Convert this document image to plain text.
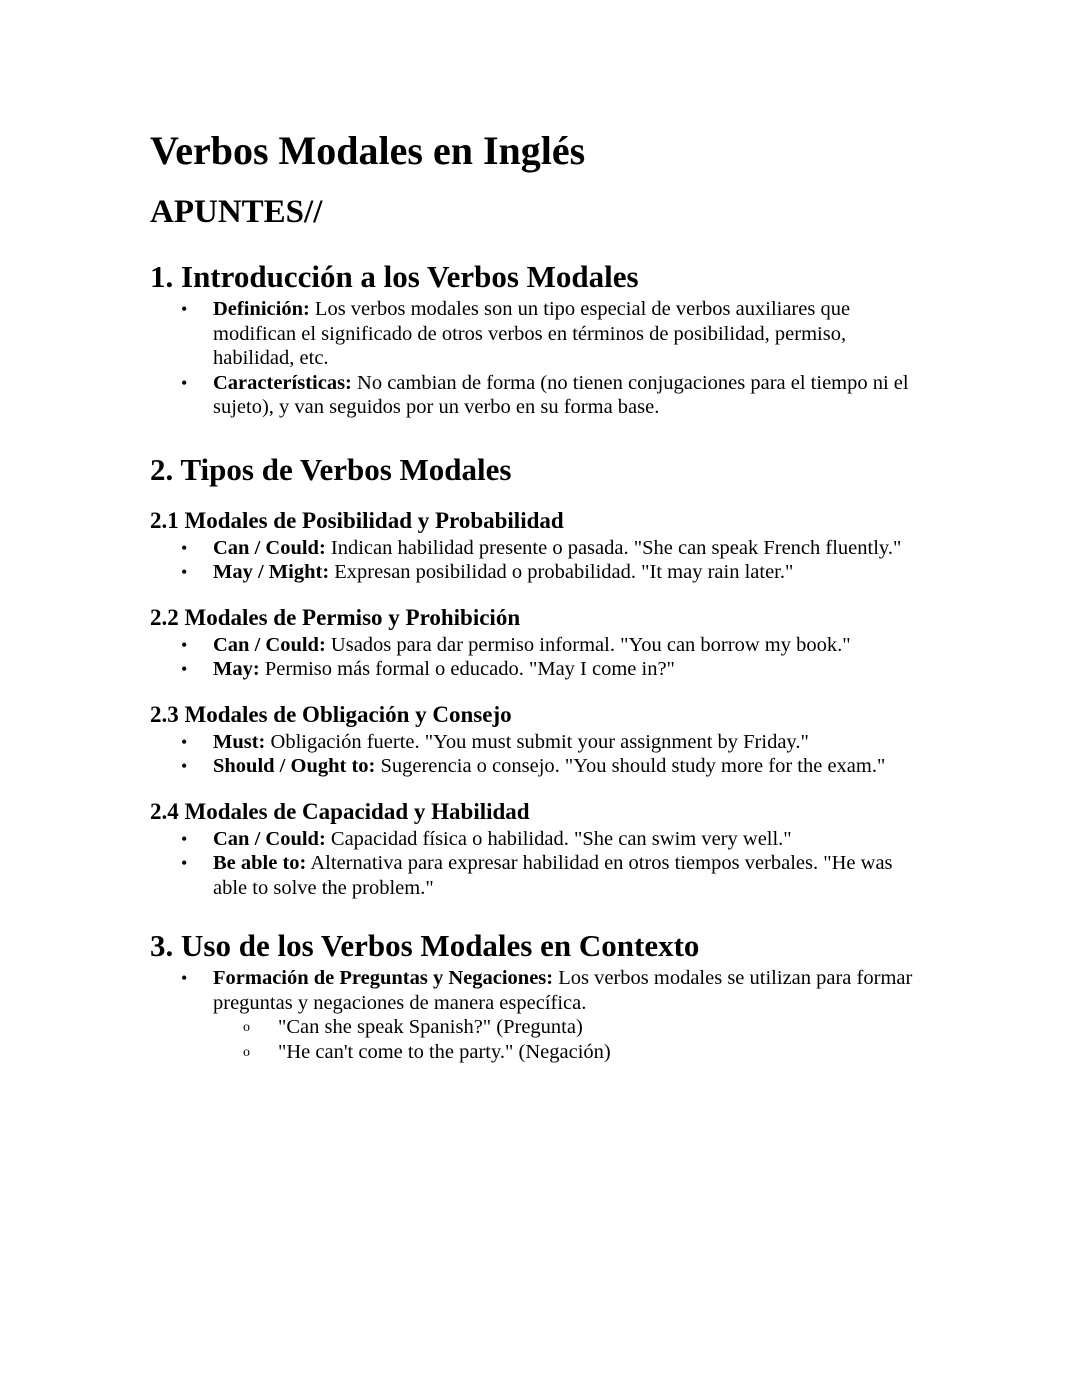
Verbos Modales en Inglés
APUNTES//
1. Introducción a los Verbos Modales
• Definición: Los verbos modales son un tipo especial de verbos auxiliares que modifican el significado de otros verbos en términos de posibilidad, permiso, habilidad, etc.
• Características: No cambian de forma (no tienen conjugaciones para el tiempo ni el sujeto), y van seguidos por un verbo en su forma base.
2. Tipos de Verbos Modales
2.1 Modales de Posibilidad y Probabilidad
• Can / Could: Indican habilidad presente o pasada. "She can speak French fluently."
• May / Might: Expresan posibilidad o probabilidad. "It may rain later."
2.2 Modales de Permiso y Prohibición
• Can / Could: Usados para dar permiso informal. "You can borrow my book."
• May: Permiso más formal o educado. "May I come in?"
2.3 Modales de Obligación y Consejo
• Must: Obligación fuerte. "You must submit your assignment by Friday."
• Should / Ought to: Sugerencia o consejo. "You should study more for the exam."
2.4 Modales de Capacidad y Habilidad
• Can / Could: Capacidad física o habilidad. "She can swim very well."
• Be able to: Alternativa para expresar habilidad en otros tiempos verbales. "He was able to solve the problem."
3. Uso de los Verbos Modales en Contexto
• Formación de Preguntas y Negaciones: Los verbos modales se utilizan para formar preguntas y negaciones de manera específica.
o "Can she speak Spanish?" (Pregunta)
o "He can't come to the party." (Negación)
